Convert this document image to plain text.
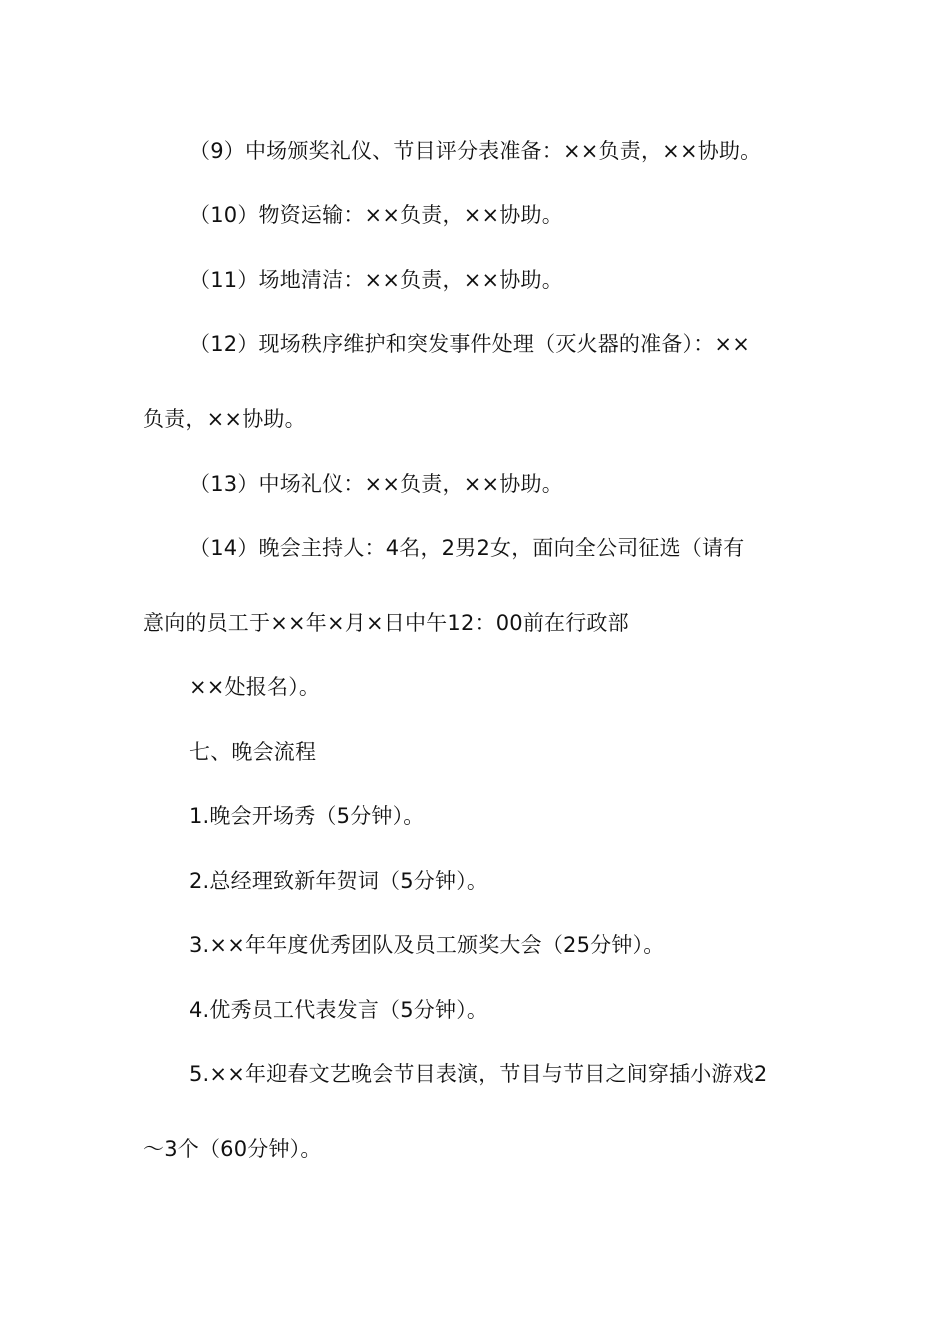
（9）中场颁奖礼仪、节目评分表准备：××负责，××协助。
（10）物资运输：××负责，××协助。
（11）场地清洁：××负责，××协助。
（12）现场秩序维护和突发事件处理（灭火器的准备）：××
负责，××协助。
（13）中场礼仪：××负责，××协助。
（14）晚会主持人：4名，2男2女，面向全公司征选（请有
意向的员工于××年×月×日中午12：00前在行政部
××处报名）。
七、晚会流程
1.晚会开场秀（5分钟）。
2.总经理致新年贺词（5分钟）。
3.××年年度优秀团队及员工颁奖大会（25分钟）。
4.优秀员工代表发言（5分钟）。
5.××年迎春文艺晚会节目表演，节目与节目之间穿插小游戏2
～3个（60分钟）。
